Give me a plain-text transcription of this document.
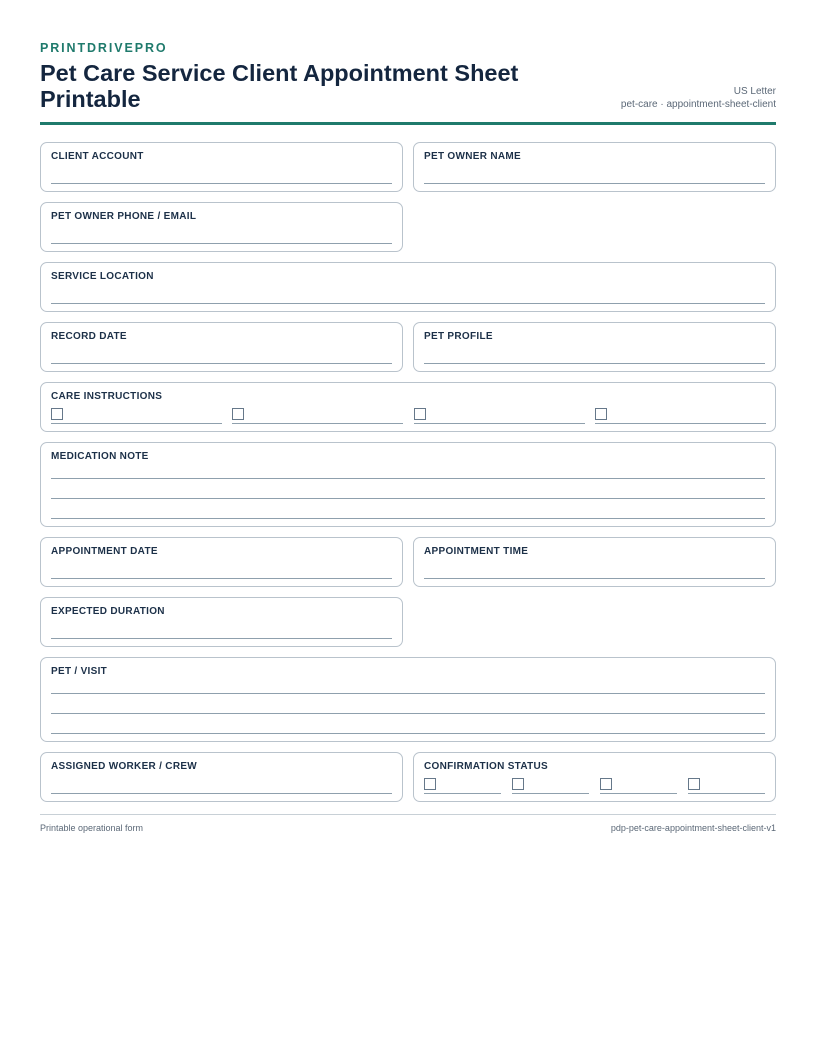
PRINTDRIVEPRO
Pet Care Service Client Appointment Sheet Printable	US Letter
pet-care · appointment-sheet-client
CLIENT ACCOUNT	PET OWNER NAME
PET OWNER PHONE / EMAIL
SERVICE LOCATION
RECORD DATE	PET PROFILE
CARE INSTRUCTIONS
MEDICATION NOTE
APPOINTMENT DATE	APPOINTMENT TIME
EXPECTED DURATION
PET / VISIT
ASSIGNED WORKER / CREW	CONFIRMATION STATUS
Printable operational form	pdp-pet-care-appointment-sheet-client-v1
